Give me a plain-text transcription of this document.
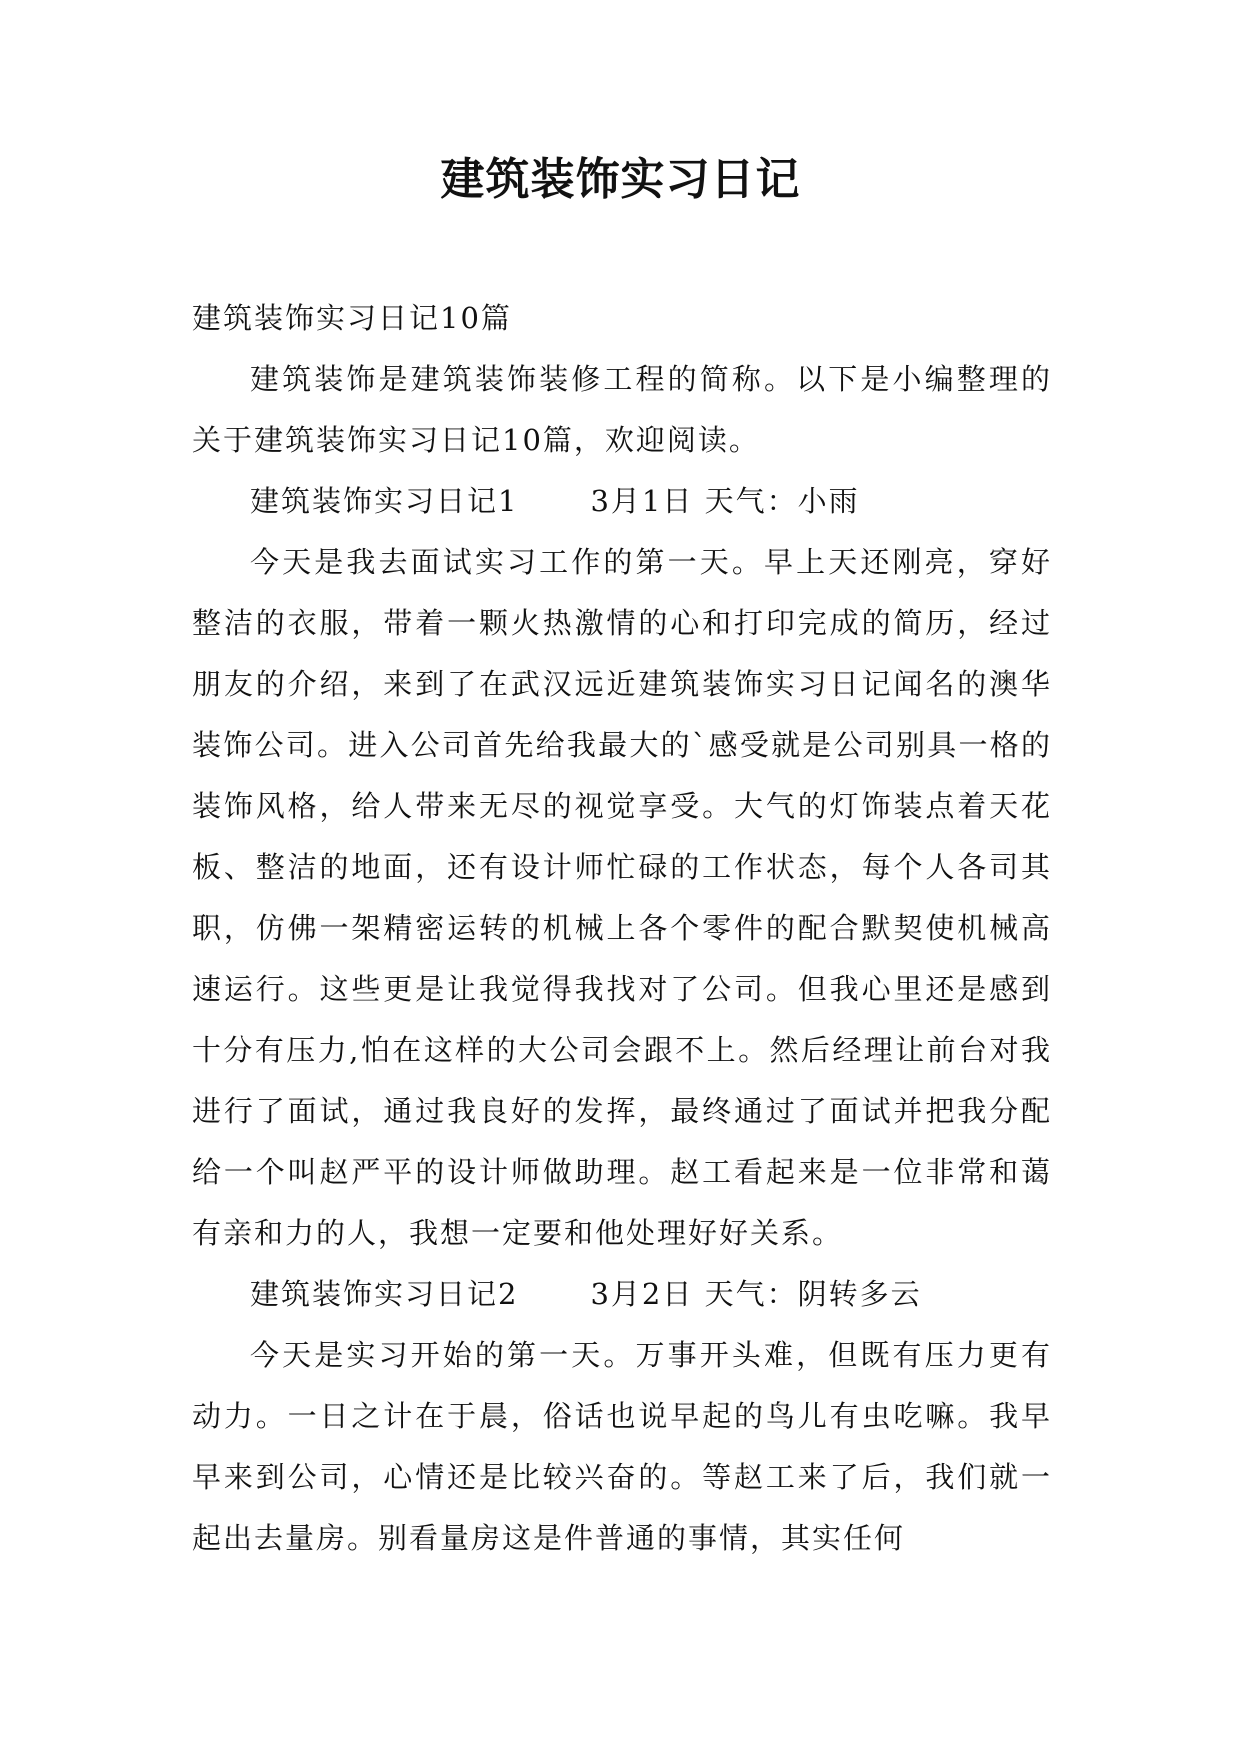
建筑装饰实习日记

建筑装饰实习日记10篇

建筑装饰是建筑装饰装修工程的简称。以下是小编整理的关于建筑装饰实习日记10篇，欢迎阅读。

建筑装饰实习日记1 3月1日 天气：小雨

今天是我去面试实习工作的第一天。早上天还刚亮，穿好整洁的衣服，带着一颗火热激情的心和打印完成的简历，经过朋友的介绍，来到了在武汉远近建筑装饰实习日记闻名的澳华装饰公司。进入公司首先给我最大的`感受就是公司别具一格的装饰风格，给人带来无尽的视觉享受。大气的灯饰装点着天花板、整洁的地面，还有设计师忙碌的工作状态，每个人各司其职，仿佛一架精密运转的机械上各个零件的配合默契使机械高速运行。这些更是让我觉得我找对了公司。但我心里还是感到十分有压力,怕在这样的大公司会跟不上。然后经理让前台对我进行了面试，通过我良好的发挥，最终通过了面试并把我分配给一个叫赵严平的设计师做助理。赵工看起来是一位非常和蔼有亲和力的人，我想一定要和他处理好好关系。

建筑装饰实习日记2 3月2日 天气：阴转多云

今天是实习开始的第一天。万事开头难，但既有压力更有动力。一日之计在于晨，俗话也说早起的鸟儿有虫吃嘛。我早早来到公司，心情还是比较兴奋的。等赵工来了后，我们就一起出去量房。别看量房这是件普通的事情，其实任何
